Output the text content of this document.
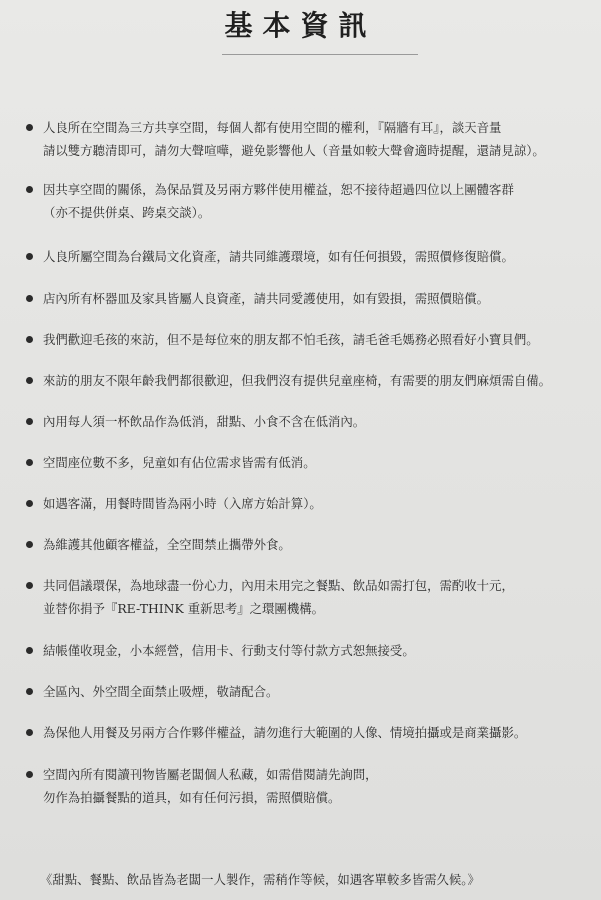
基本資訊
人良所在空間為三方共享空間，每個人都有使用空間的權利，『隔牆有耳』，談天音量
請以雙方聽清即可，請勿大聲喧嘩，避免影響他人（音量如較大聲會適時提醒，還請見諒）。
因共享空間的關係，為保品質及另兩方夥伴使用權益，恕不接待超過四位以上團體客群
（亦不提供併桌、跨桌交談）。
人良所屬空間為台鐵局文化資產，請共同維護環境，如有任何損毀，需照價修復賠償。
店內所有杯器皿及家具皆屬人良資產，請共同愛護使用，如有毀損，需照價賠償。
我們歡迎毛孩的來訪，但不是每位來的朋友都不怕毛孩，請毛爸毛媽務必照看好小寶貝們。
來訪的朋友不限年齡我們都很歡迎，但我們沒有提供兒童座椅，有需要的朋友們麻煩需自備。
內用每人須一杯飲品作為低消，甜點、小食不含在低消內。
空間座位數不多，兒童如有佔位需求皆需有低消。
如遇客滿，用餐時間皆為兩小時（入席方始計算）。
為維護其他顧客權益，全空間禁止攜帶外食。
共同倡議環保，為地球盡一份心力，內用未用完之餐點、飲品如需打包，需酌收十元，
並替你捐予『RE-THINK 重新思考』之環團機構。
結帳僅收現金，小本經營，信用卡、行動支付等付款方式恕無接受。
全區內、外空間全面禁止吸煙，敬請配合。
為保他人用餐及另兩方合作夥伴權益，請勿進行大範圍的人像、情境拍攝或是商業攝影。
空間內所有閱讀刊物皆屬老闆個人私藏，如需借閱請先詢問，
勿作為拍攝餐點的道具，如有任何污損，需照價賠償。
《甜點、餐點、飲品皆為老闆一人製作，需稍作等候，如遇客單較多皆需久候。》
